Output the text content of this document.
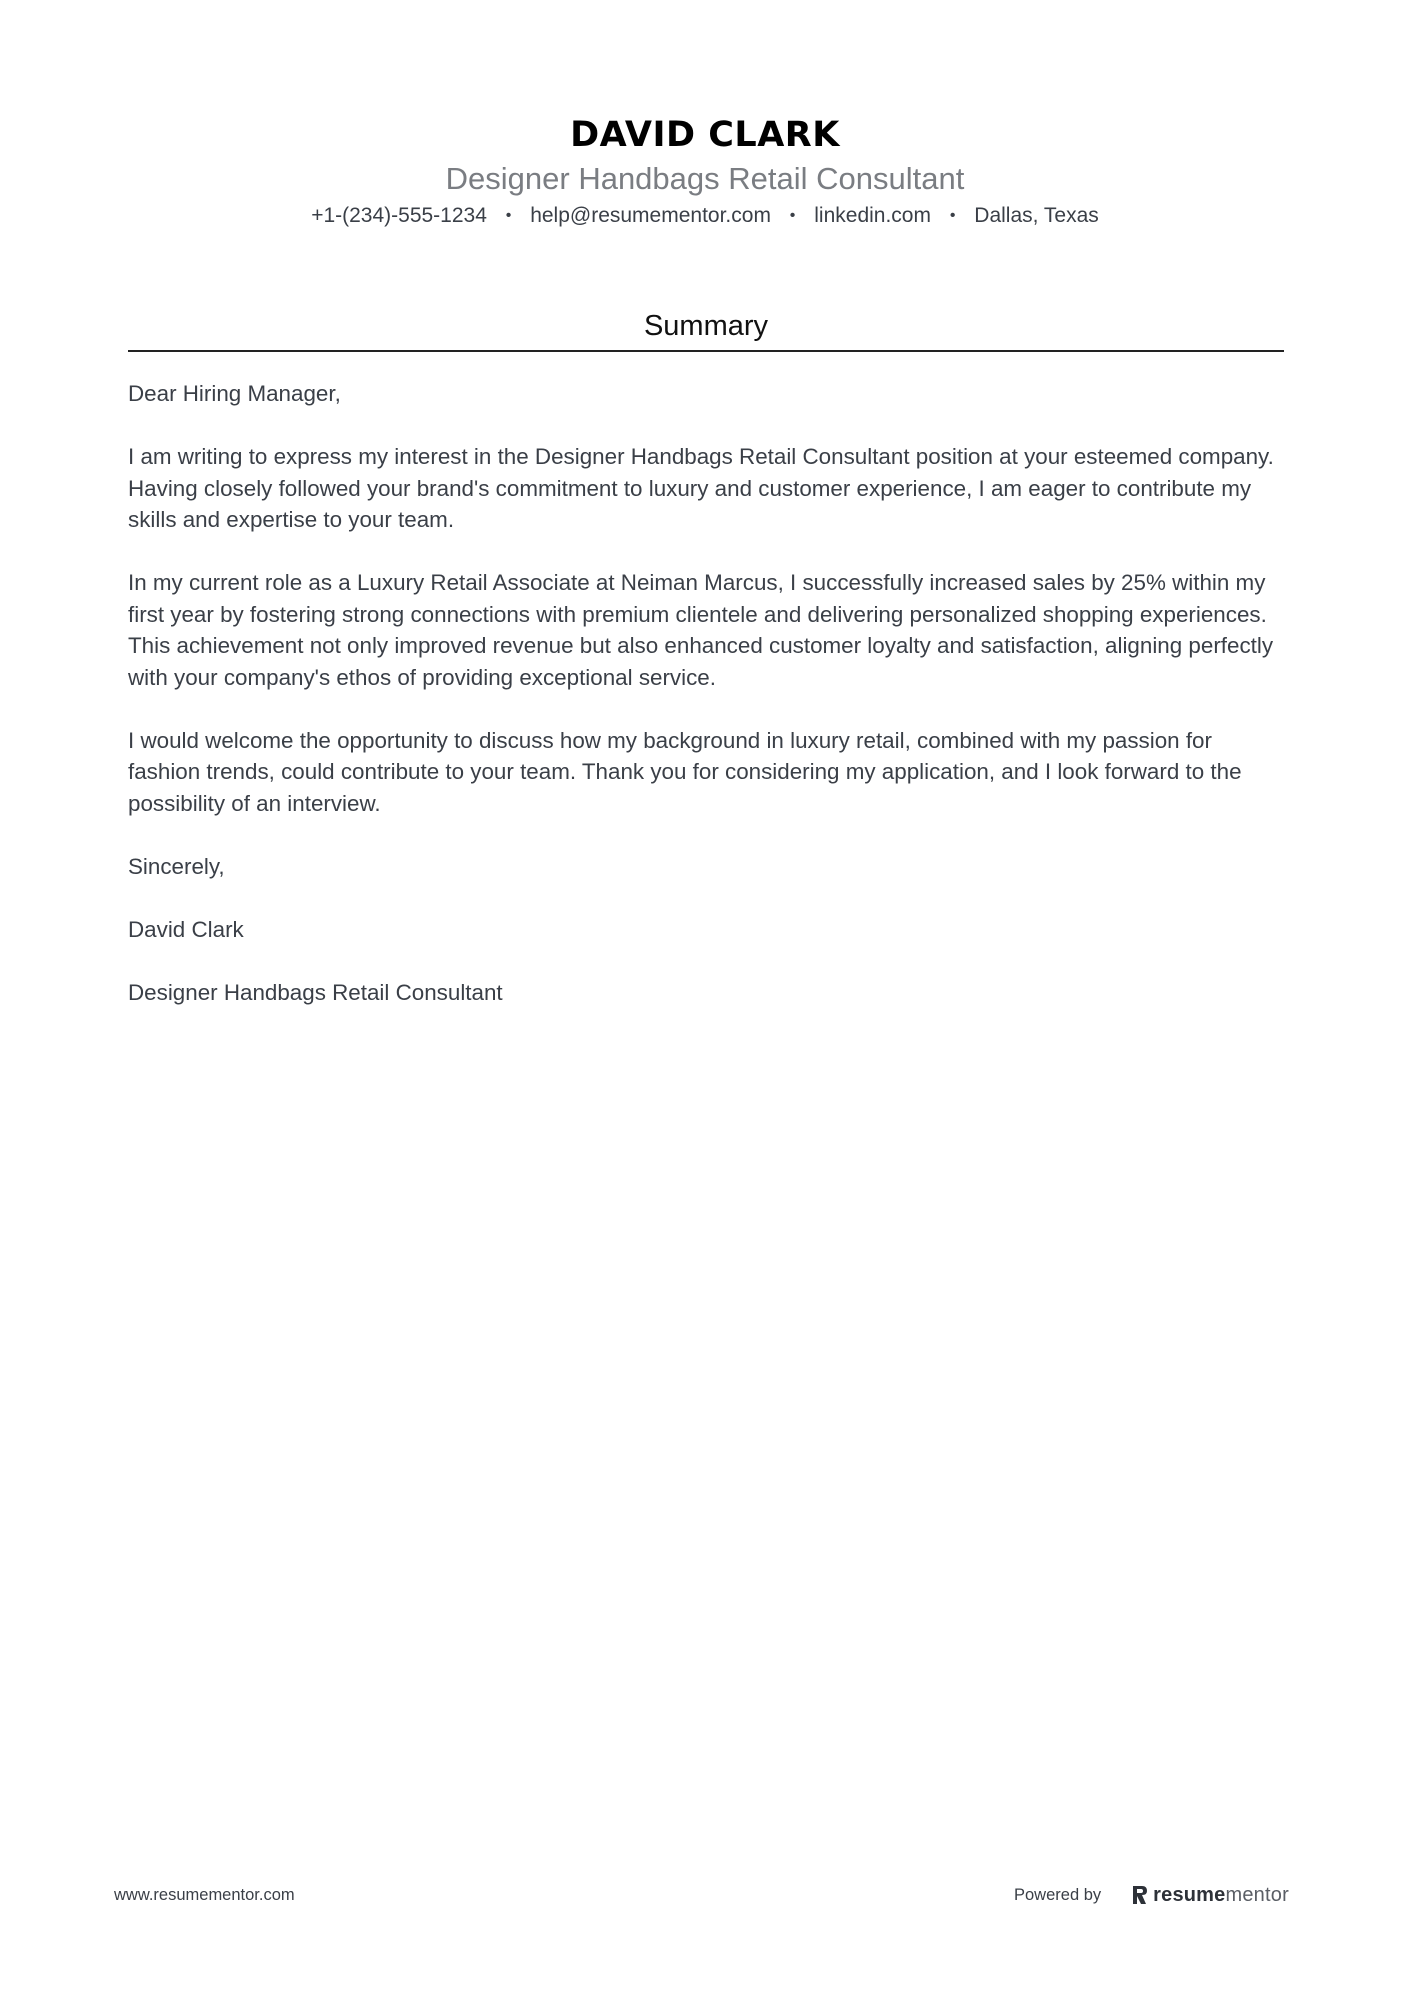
DAVID CLARK
Designer Handbags Retail Consultant
+1-(234)-555-1234 • help@resumementor.com • linkedin.com • Dallas, Texas
Summary

Dear Hiring Manager,

I am writing to express my interest in the Designer Handbags Retail Consultant position at your esteemed company. Having closely followed your brand's commitment to luxury and customer experience, I am eager to contribute my skills and expertise to your team.

In my current role as a Luxury Retail Associate at Neiman Marcus, I successfully increased sales by 25% within my first year by fostering strong connections with premium clientele and delivering personalized shopping experiences. This achievement not only improved revenue but also enhanced customer loyalty and satisfaction, aligning perfectly with your company's ethos of providing exceptional service.

I would welcome the opportunity to discuss how my background in luxury retail, combined with my passion for fashion trends, could contribute to your team. Thank you for considering my application, and I look forward to the possibility of an interview.

Sincerely,

David Clark

Designer Handbags Retail Consultant

www.resumementor.com	Powered by	resumementor
